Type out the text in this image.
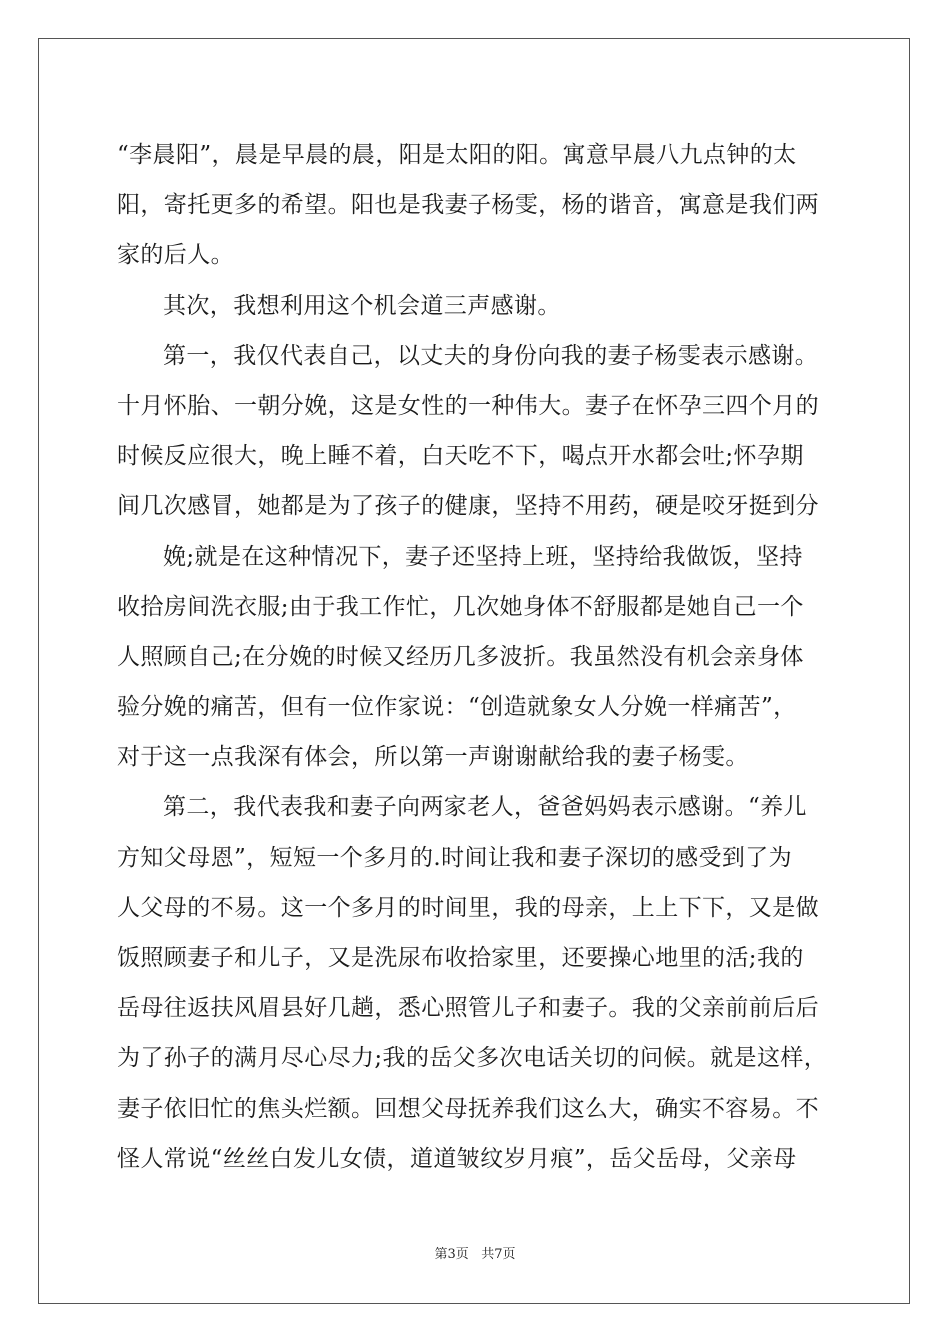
“李晨阳”，晨是早晨的晨，阳是太阳的阳。寓意早晨八九点钟的太
阳，寄托更多的希望。阳也是我妻子杨雯，杨的谐音，寓意是我们两
家的后人。
其次，我想利用这个机会道三声感谢。
第一，我仅代表自己，以丈夫的身份向我的妻子杨雯表示感谢。
十月怀胎、一朝分娩，这是女性的一种伟大。妻子在怀孕三四个月的
时候反应很大，晚上睡不着，白天吃不下，喝点开水都会吐;怀孕期
间几次感冒，她都是为了孩子的健康，坚持不用药，硬是咬牙挺到分
娩;就是在这种情况下，妻子还坚持上班，坚持给我做饭，坚持
收拾房间洗衣服;由于我工作忙，几次她身体不舒服都是她自己一个
人照顾自己;在分娩的时候又经历几多波折。我虽然没有机会亲身体
验分娩的痛苦，但有一位作家说：“创造就象女人分娩一样痛苦”，
对于这一点我深有体会，所以第一声谢谢献给我的妻子杨雯。
第二，我代表我和妻子向两家老人，爸爸妈妈表示感谢。“养儿
方知父母恩”，短短一个多月的.时间让我和妻子深切的感受到了为
人父母的不易。这一个多月的时间里，我的母亲，上上下下，又是做
饭照顾妻子和儿子，又是洗尿布收拾家里，还要操心地里的活;我的
岳母往返扶风眉县好几趟，悉心照管儿子和妻子。我的父亲前前后后
为了孙子的满月尽心尽力;我的岳父多次电话关切的问候。就是这样，
妻子依旧忙的焦头烂额。回想父母抚养我们这么大，确实不容易。不
怪人常说“丝丝白发儿女债，道道皱纹岁月痕”，岳父岳母，父亲母
第3页 共7页
